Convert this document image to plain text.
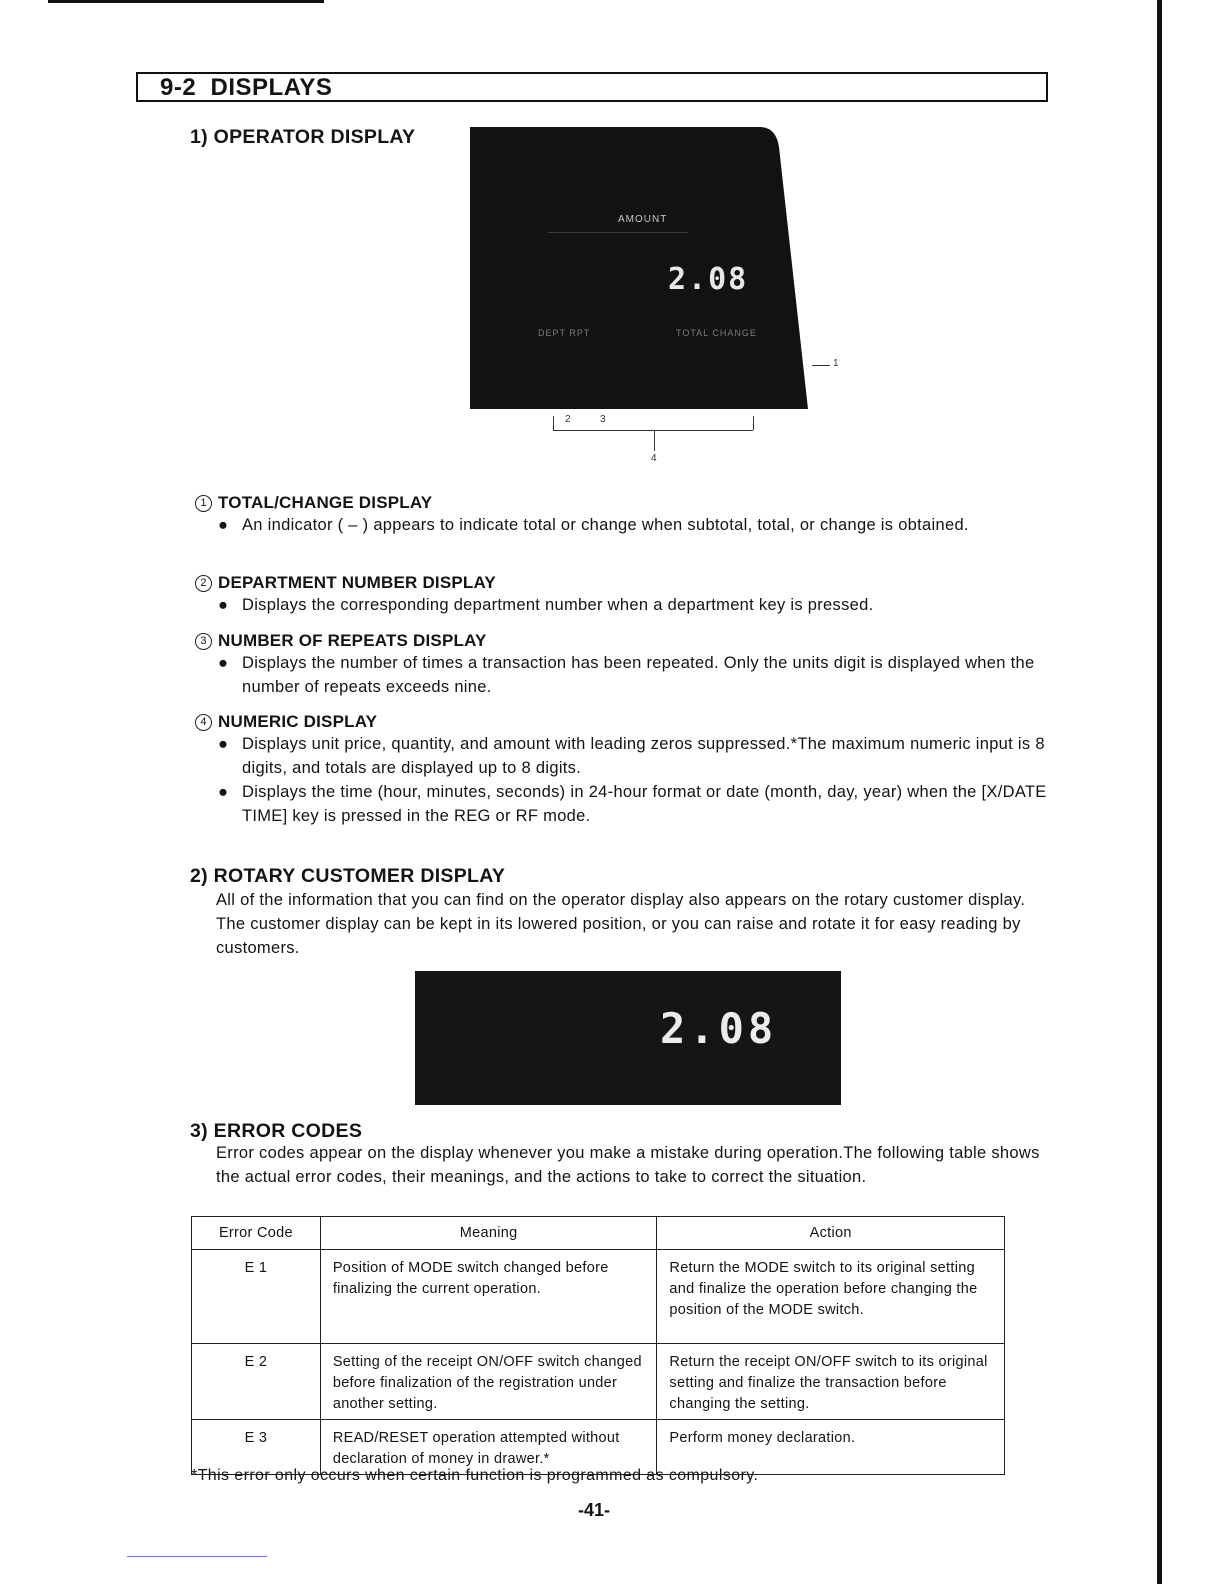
9-2 DISPLAYS
1) OPERATOR DISPLAY
AMOUNT
2.08
DEPT RPT	TOTAL CHANGE
1
2	3
4
1 TOTAL/CHANGE DISPLAY
● An indicator ( – ) appears to indicate total or change when subtotal, total, or change is obtained.
2 DEPARTMENT NUMBER DISPLAY
● Displays the corresponding department number when a department key is pressed.
3 NUMBER OF REPEATS DISPLAY
● Displays the number of times a transaction has been repeated. Only the units digit is displayed when the number of repeats exceeds nine.
4 NUMERIC DISPLAY
● Displays unit price, quantity, and amount with leading zeros suppressed.*The maximum numeric input is 8 digits, and totals are displayed up to 8 digits.
● Displays the time (hour, minutes, seconds) in 24-hour format or date (month, day, year) when the [X/DATE TIME] key is pressed in the REG or RF mode.
2) ROTARY CUSTOMER DISPLAY
All of the information that you can find on the operator display also appears on the rotary customer display. The customer display can be kept in its lowered position, or you can raise and rotate it for easy reading by customers.
2.08
3) ERROR CODES
Error codes appear on the display whenever you make a mistake during operation.The following table shows the actual error codes, their meanings, and the actions to take to correct the situation.
Error Code	Meaning	Action
E 1	Position of MODE switch changed before finalizing the current operation.	Return the MODE switch to its original setting and finalize the operation before changing the position of the MODE switch.
E 2	Setting of the receipt ON/OFF switch changed before finalization of the registration under another setting.	Return the receipt ON/OFF switch to its original setting and finalize the transaction before changing the setting.
E 3	READ/RESET operation attempted without declaration of money in drawer.*	Perform money declaration.
*This error only occurs when certain function is programmed as compulsory.
-41-
